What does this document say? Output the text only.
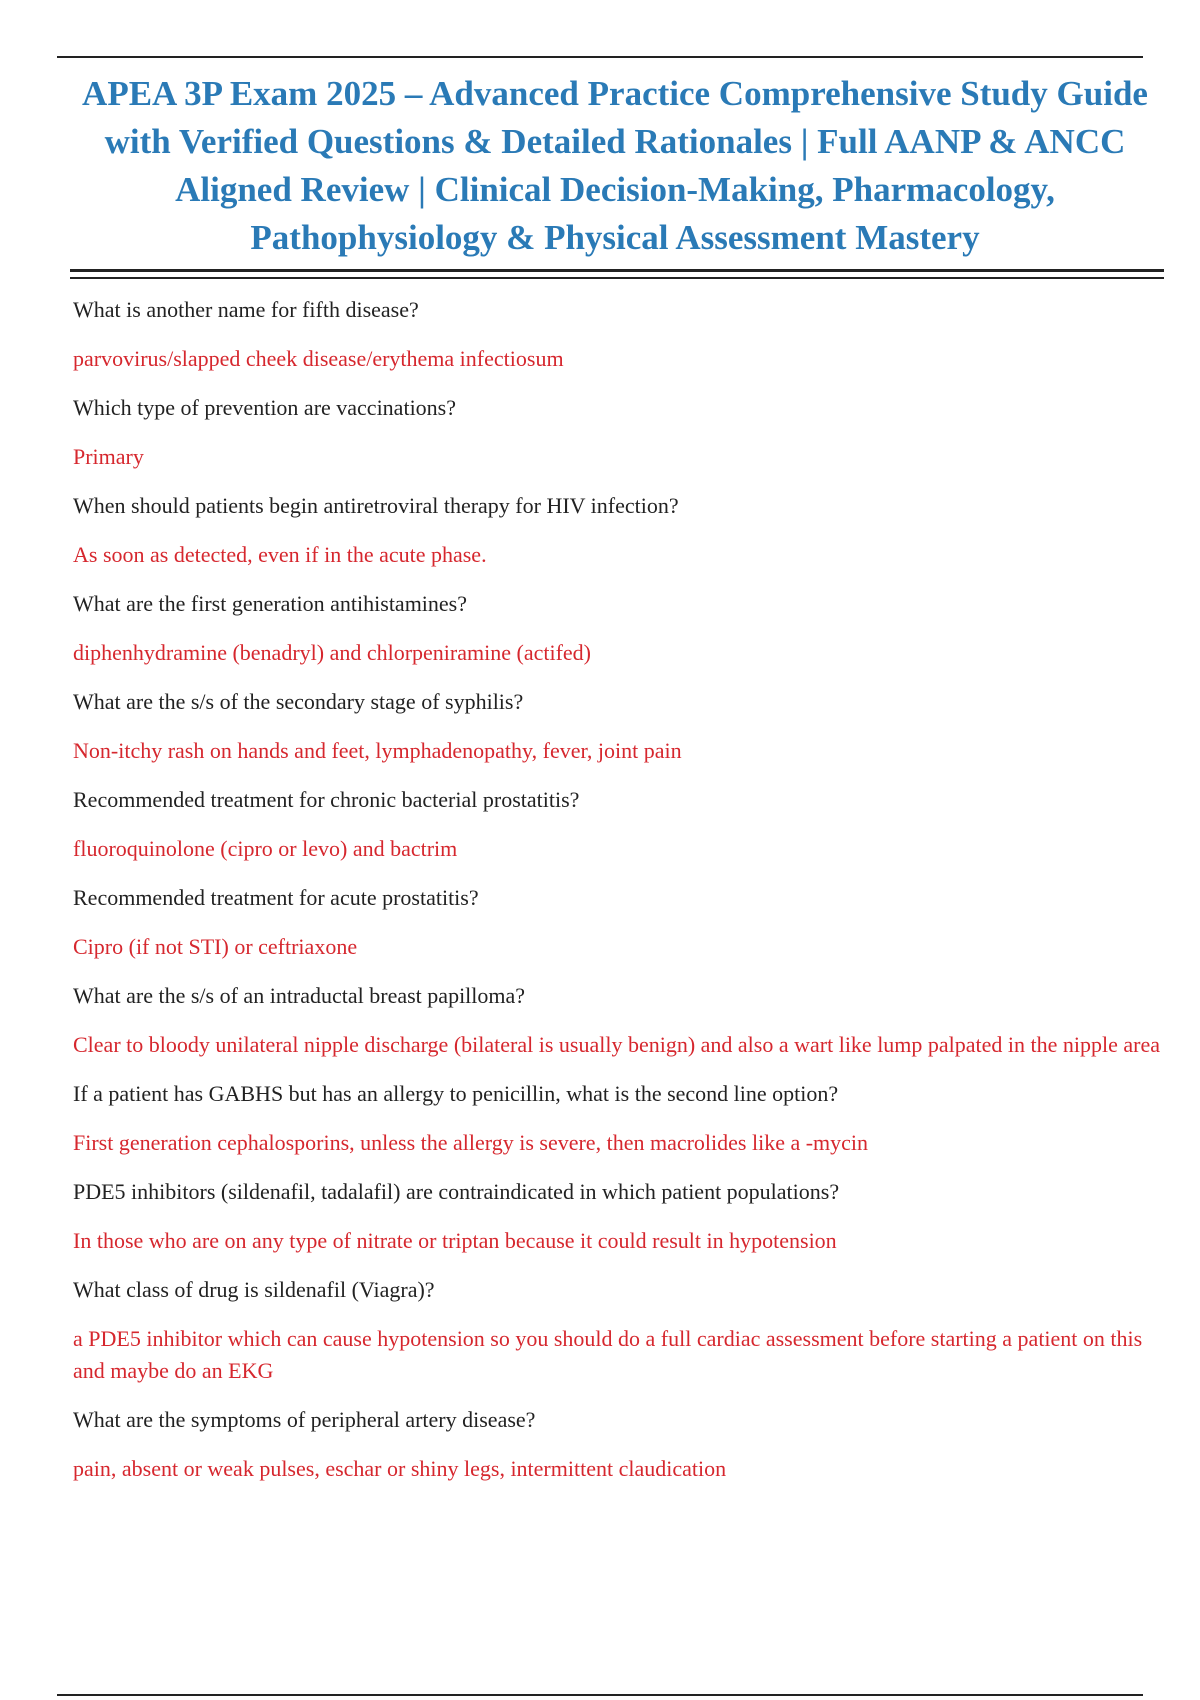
APEA 3P Exam 2025 – Advanced Practice Comprehensive Study Guide with Verified Questions & Detailed Rationales | Full AANP & ANCC Aligned Review | Clinical Decision-Making, Pharmacology, Pathophysiology & Physical Assessment Mastery

What is another name for fifth disease?

parvovirus/slapped cheek disease/erythema infectiosum

Which type of prevention are vaccinations?

Primary

When should patients begin antiretroviral therapy for HIV infection?

As soon as detected, even if in the acute phase.

What are the first generation antihistamines?

diphenhydramine (benadryl) and chlorpeniramine (actifed)

What are the s/s of the secondary stage of syphilis?

Non-itchy rash on hands and feet, lymphadenopathy, fever, joint pain

Recommended treatment for chronic bacterial prostatitis?

fluoroquinolone (cipro or levo) and bactrim

Recommended treatment for acute prostatitis?

Cipro (if not STI) or ceftriaxone

What are the s/s of an intraductal breast papilloma?

Clear to bloody unilateral nipple discharge (bilateral is usually benign) and also a wart like lump palpated in the nipple area

If a patient has GABHS but has an allergy to penicillin, what is the second line option?

First generation cephalosporins, unless the allergy is severe, then macrolides like a -mycin

PDE5 inhibitors (sildenafil, tadalafil) are contraindicated in which patient populations?

In those who are on any type of nitrate or triptan because it could result in hypotension

What class of drug is sildenafil (Viagra)?

a PDE5 inhibitor which can cause hypotension so you should do a full cardiac assessment before starting a patient on this and maybe do an EKG

What are the symptoms of peripheral artery disease?

pain, absent or weak pulses, eschar or shiny legs, intermittent claudication
